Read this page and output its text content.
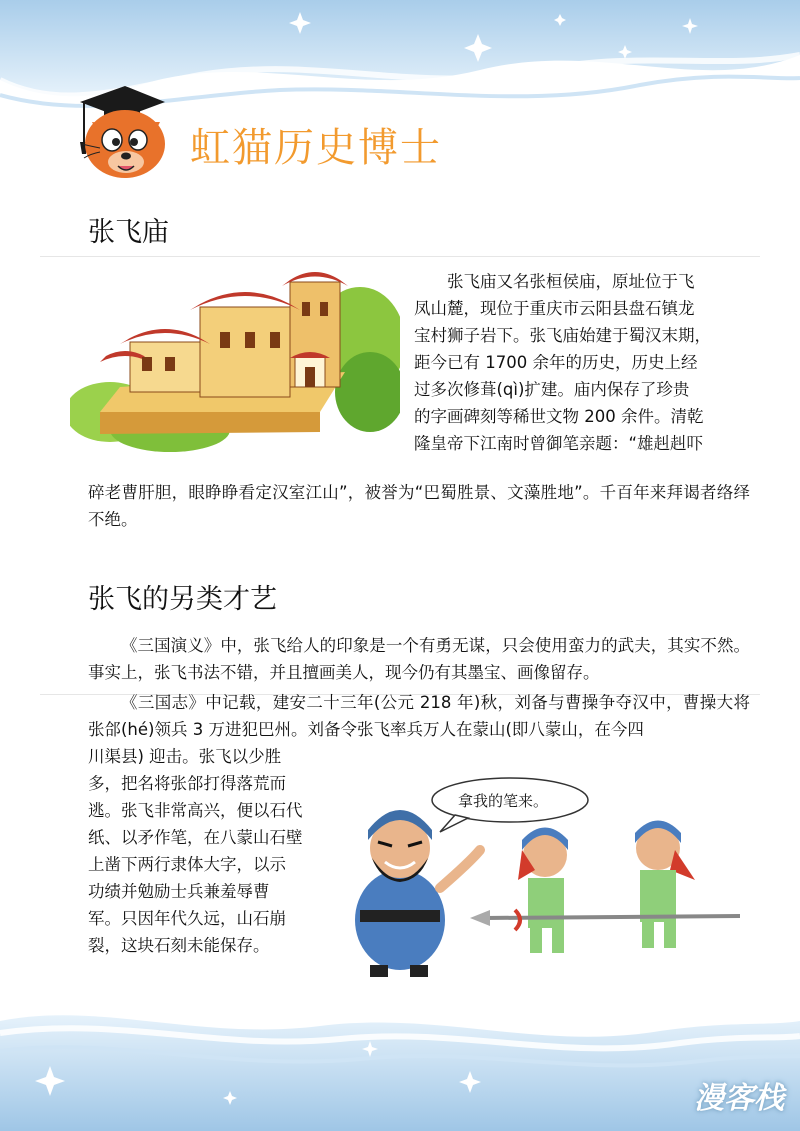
虹猫历史博士
张飞庙
张飞庙又名张桓侯庙，原址位于飞
凤山麓，现位于重庆市云阳县盘石镇龙
宝村狮子岩下。张飞庙始建于蜀汉末期，
距今已有 1700 余年的历史，历史上经
过多次修葺(qì)扩建。庙内保存了珍贵
的字画碑刻等稀世文物 200 余件。清乾
隆皇帝下江南时曾御笔亲题：“雄赳赳吓
碎老曹肝胆，眼睁睁看定汉室江山”，被誉为“巴蜀胜景、文藻胜地”。千百年来拜谒者络绎不绝。
张飞的另类才艺
《三国演义》中，张飞给人的印象是一个有勇无谋，只会使用蛮力的武夫，其实不然。事实上，张飞书法不错，并且擅画美人，现今仍有其墨宝、画像留存。
《三国志》中记载，建安二十三年(公元 218 年)秋，刘备与曹操争夺汉中，曹操大将张郃(hé)领兵 3 万进犯巴州。刘备令张飞率兵万人在蒙山(即八蒙山，在今四
川渠县) 迎击。张飞以少胜
多，把名将张郃打得落荒而
逃。张飞非常高兴，便以石代
纸、以矛作笔，在八蒙山石壁
上凿下两行隶体大字，以示
功绩并勉励士兵兼羞辱曹
军。只因年代久远，山石崩
裂，这块石刻未能保存。
拿我的笔来。
漫客栈
